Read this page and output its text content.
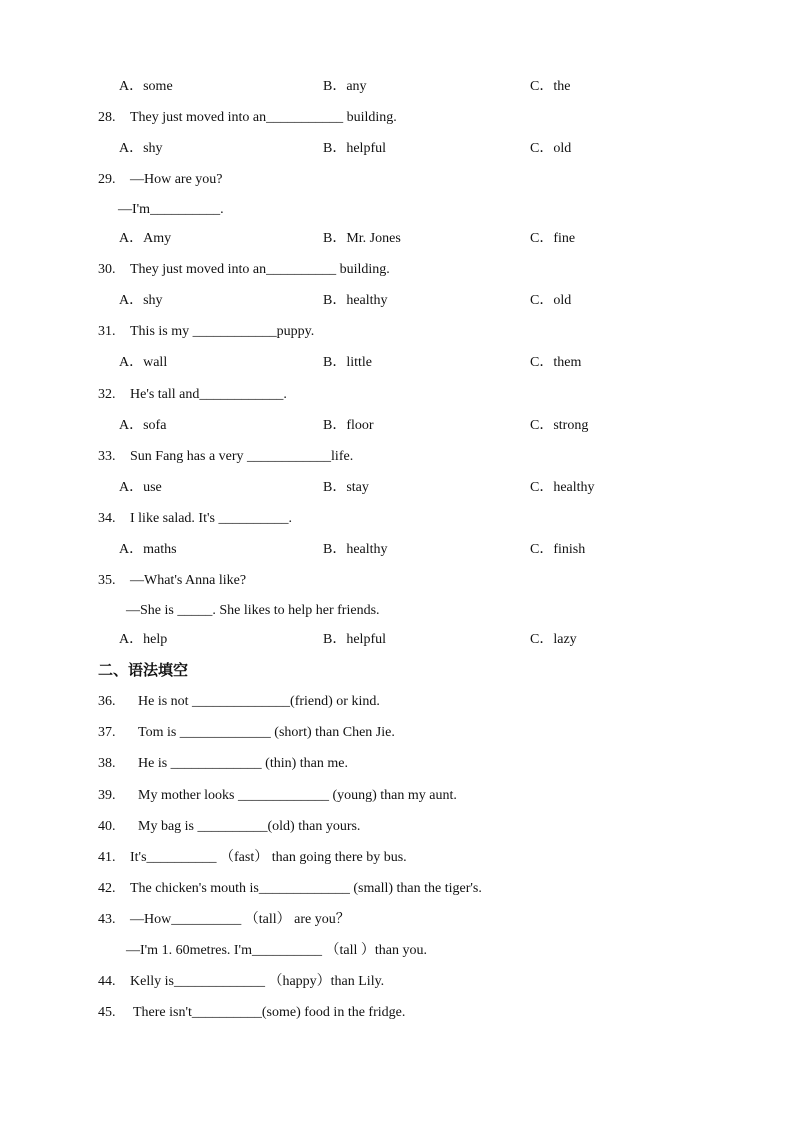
A．some	B．any	C．the
28. They just moved into an___________ building.
A．shy	B．helpful	C．old
29. —How are you?
—I'm__________.
A．Amy	B．Mr. Jones	C．fine
30. They just moved into an__________ building.
A．shy	B．healthy	C．old
31. This is my ____________puppy.
A．wall	B．little	C．them
32. He's tall and____________.
A．sofa	B．floor	C．strong
33. Sun Fang has a very ____________life.
A．use	B．stay	C．healthy
34. I like salad. It's __________.
A．maths	B．healthy	C．finish
35. —What's Anna like?
—She is _____. She likes to help her friends.
A．help	B．helpful	C．lazy
二、语法填空
36. He is not ______________(friend) or kind.
37. Tom is _____________ (short) than Chen Jie.
38. He is _____________ (thin) than me.
39. My mother looks _____________ (young) than my aunt.
40. My bag is __________(old) than yours.
41. It's__________ （fast） than going there by bus.
42. The chicken's mouth is_____________ (small) than the tiger's.
43. —How__________ （tall） are you？
—I'm 1. 60metres. I'm__________ （tall ）than you.
44. Kelly is_____________ （happy）than Lily.
45. There isn't__________(some) food in the fridge.
